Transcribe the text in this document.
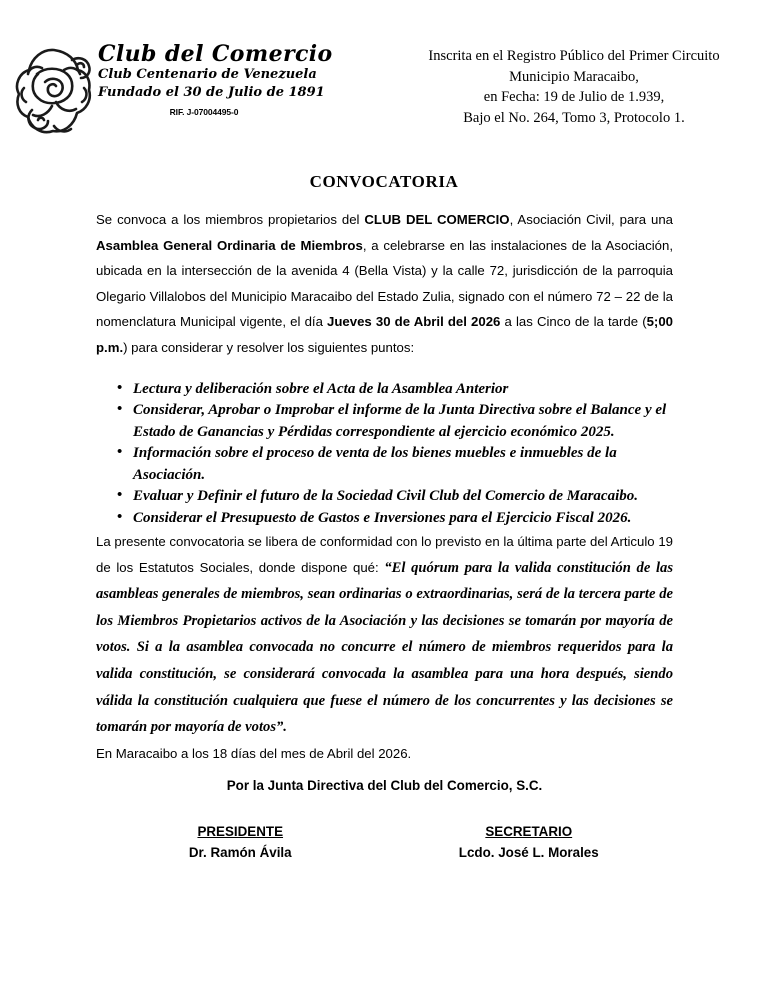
Club del Comercio
Club Centenario de Venezuela
Fundado el 30 de Julio de 1891
RIF. J-07004495-0
Inscrita en el Registro Público del Primer Circuito
Municipio Maracaibo,
en Fecha: 19 de Julio de 1.939,
Bajo el No. 264, Tomo 3, Protocolo 1.
CONVOCATORIA

Se convoca a los miembros propietarios del CLUB DEL COMERCIO, Asociación Civil, para una Asamblea General Ordinaria de Miembros, a celebrarse en las instalaciones de la Asociación, ubicada en la intersección de la avenida 4 (Bella Vista) y la calle 72, jurisdicción de la parroquia Olegario Villalobos del Municipio Maracaibo del Estado Zulia, signado con el número 72 – 22 de la nomenclatura Municipal vigente, el día Jueves 30 de Abril del 2026 a las Cinco de la tarde (5;00 p.m.) para considerar y resolver los siguientes puntos:

• Lectura y deliberación sobre el Acta de la Asamblea Anterior
• Considerar, Aprobar o Improbar el informe de la Junta Directiva sobre el Balance y el Estado de Ganancias y Pérdidas correspondiente al ejercicio económico 2025.
• Información sobre el proceso de venta de los bienes muebles e inmuebles de la Asociación.
• Evaluar y Definir el futuro de la Sociedad Civil Club del Comercio de Maracaibo.
• Considerar el Presupuesto de Gastos e Inversiones para el Ejercicio Fiscal 2026.

La presente convocatoria se libera de conformidad con lo previsto en la última parte del Articulo 19 de los Estatutos Sociales, donde dispone qué: “El quórum para la valida constitución de las asambleas generales de miembros, sean ordinarias o extraordinarias, será de la tercera parte de los Miembros Propietarios activos de la Asociación y las decisiones se tomarán por mayoría de votos. Si a la asamblea convocada no concurre el número de miembros requeridos para la valida constitución, se considerará convocada la asamblea para una hora después, siendo válida la constitución cualquiera que fuese el número de los concurrentes y las decisiones se tomarán por mayoría de votos”.

En Maracaibo a los 18 días del mes de Abril del 2026.

Por la Junta Directiva del Club del Comercio, S.C.
PRESIDENTE
Dr. Ramón Ávila
SECRETARIO
Lcdo. José L. Morales
